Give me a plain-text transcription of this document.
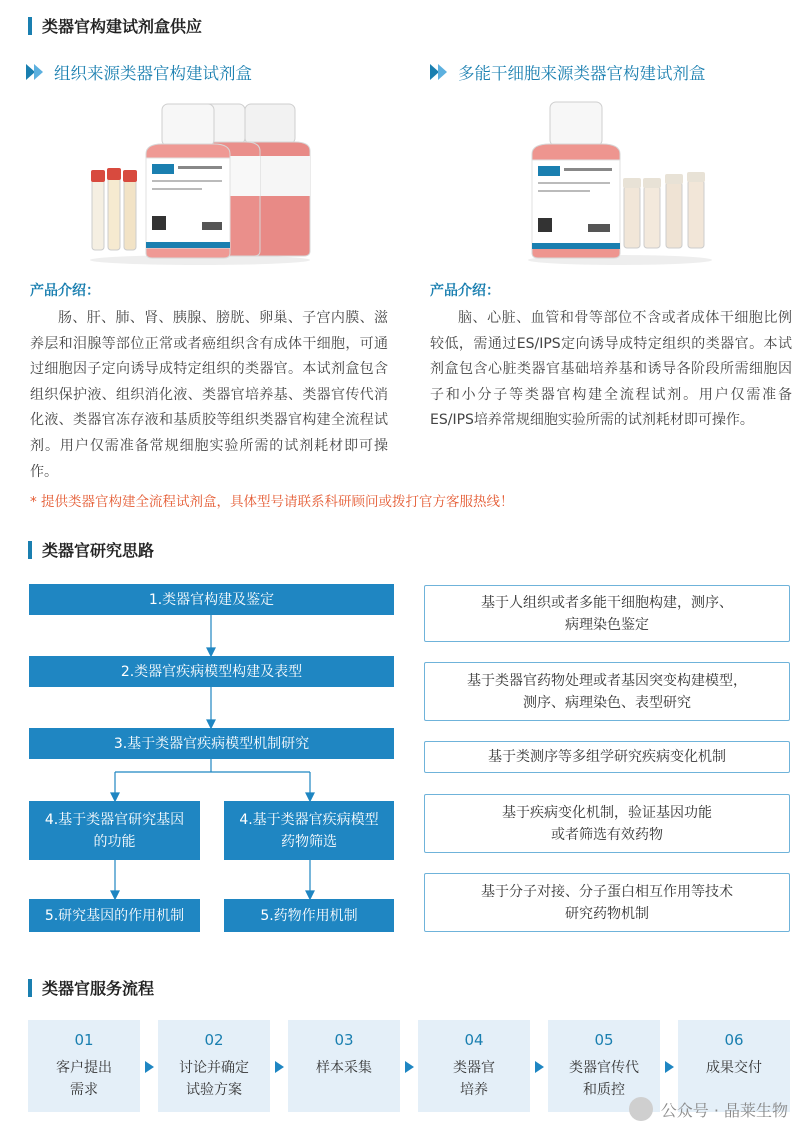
类器官构建试剂盒供应
组织来源类器官构建试剂盒	多能干细胞来源类器官构建试剂盒
产品介绍：
肠、肝、肺、肾、胰腺、膀胱、卵巢、子宫内膜、滋养层和泪腺等部位正常或者癌组织含有成体干细胞，可通过细胞因子定向诱导成特定组织的类器官。本试剂盒包含组织保护液、组织消化液、类器官培养基、类器官传代消化液、类器官冻存液和基质胶等组织类器官构建全流程试剂。用户仅需准备常规细胞实验所需的试剂耗材即可操作。
产品介绍：
脑、心脏、血管和骨等部位不含或者成体干细胞比例较低，需通过ES/IPS定向诱导成特定组织的类器官。本试剂盒包含心脏类器官基础培养基和诱导各阶段所需细胞因子和小分子等类器官构建全流程试剂。用户仅需准备ES/IPS培养常规细胞实验所需的试剂耗材即可操作。
* 提供类器官构建全流程试剂盒，具体型号请联系科研顾问或拨打官方客服热线！
类器官研究思路
1.类器官构建及鉴定
2.类器官疾病模型构建及表型
3.基于类器官疾病模型机制研究
4.基于类器官研究基因
的功能
4.基于类器官疾病模型
药物筛选
5.研究基因的作用机制	5.药物作用机制
基于人组织或者多能干细胞构建，测序、
病理染色鉴定
基于类器官药物处理或者基因突变构建模型，
测序、病理染色、表型研究
基于类测序等多组学研究疾病变化机制
基于疾病变化机制，验证基因功能
或者筛选有效药物
基于分子对接、分子蛋白相互作用等技术
研究药物机制
类器官服务流程
01
客户提出
需求
02
讨论并确定
试验方案
03
样本采集
04
类器官
培养
05
类器官传代
和质控
06
成果交付
公众号 · 晶莱生物
